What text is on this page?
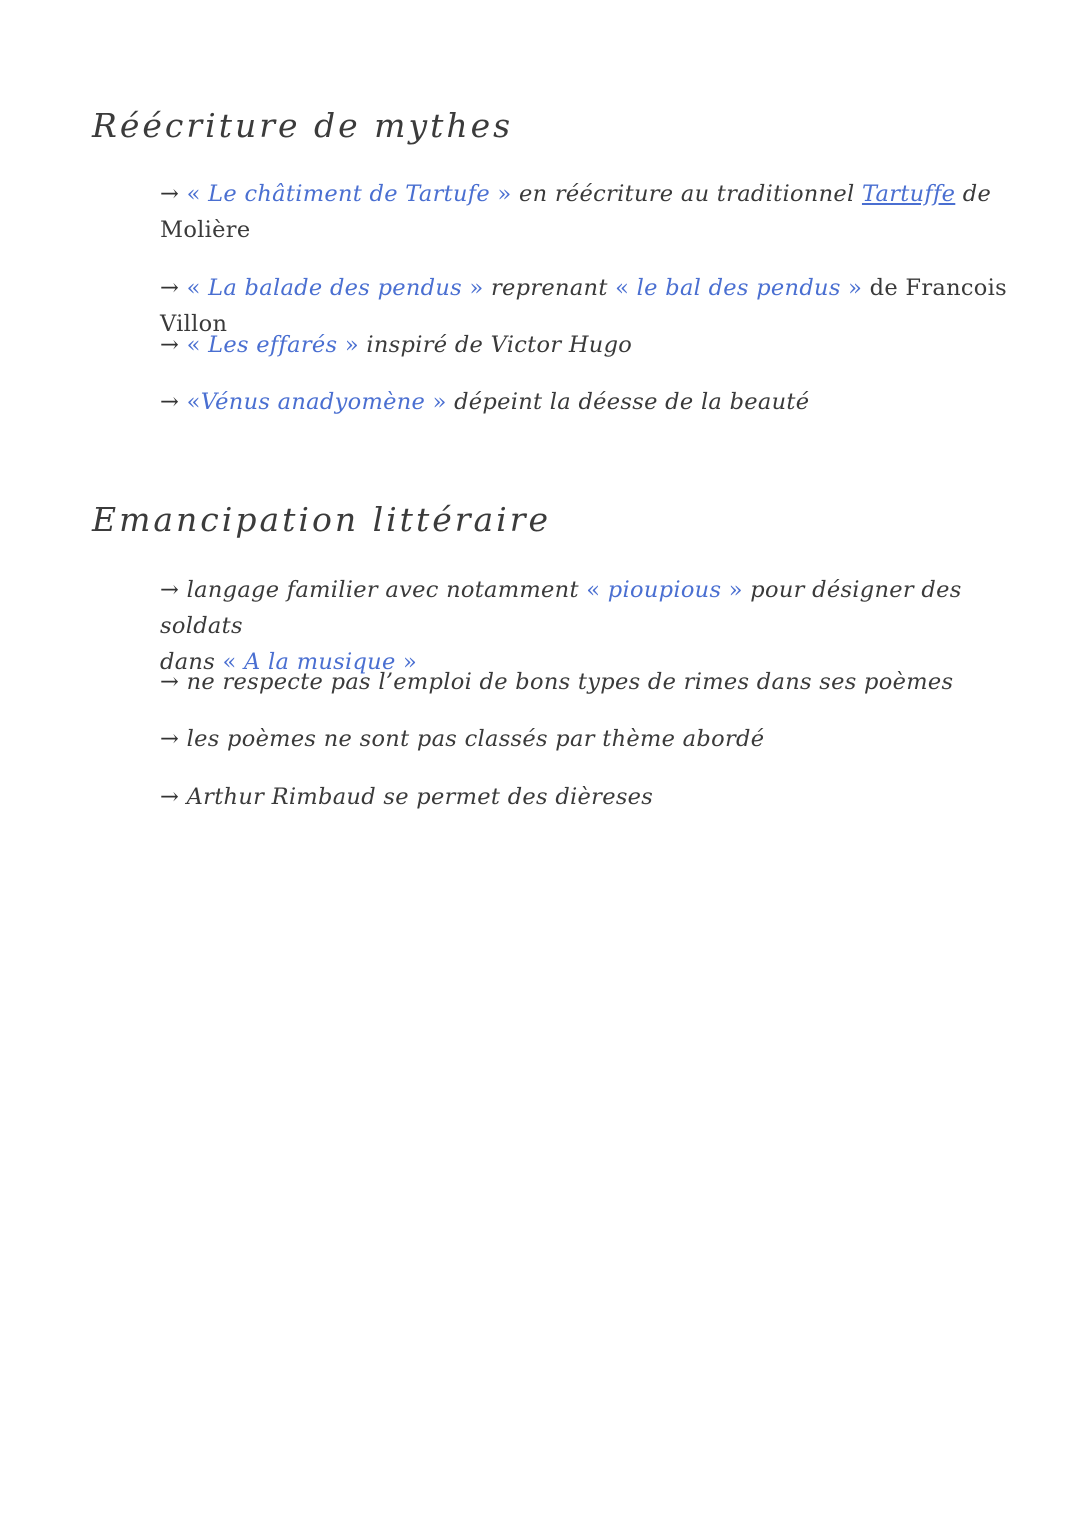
Réécriture de mythes

→ « Le châtiment de Tartufe » en réécriture au traditionnel Tartuffe de
Molière

→ « La balade des pendus » reprenant « le bal des pendus » de Francois Villon

→ « Les effarés » inspiré de Victor Hugo

→ «Vénus anadyomène » dépeint la déesse de la beauté

Emancipation littéraire

→ langage familier avec notamment « pioupious » pour désigner des soldats
dans « A la musique »

→ ne respecte pas l’emploi de bons types de rimes dans ses poèmes

→ les poèmes ne sont pas classés par thème abordé

→ Arthur Rimbaud se permet des dièreses
